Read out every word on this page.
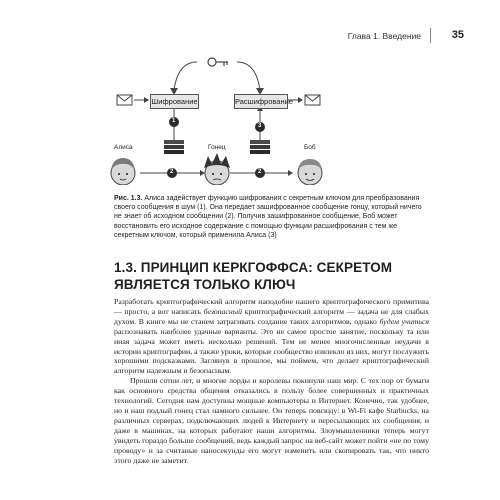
Глава 1. Введение	35
Шифрование	Расшифрование
Алиса	Гонец	Боб
1
2	2
3
Рис. 1.3. Алиса задействует функцию шифрования с секретным ключом для преобразования своего сообщения в шум (1). Она передает зашифрованное сообщение гонцу, который ничего не знает об исходном сообщении (2). Получив зашифрованное сообщение, Боб может восстановить его исходное содержание с помощью функции расшифрования с тем же секретным ключом, который применила Алиса (3)
1.3. ПРИНЦИП КЕРКГОФФСА: СЕКРЕТОМ ЯВЛЯЕТСЯ ТОЛЬКО КЛЮЧ

Разработать криптографический алгоритм наподобие нашего криптографического примитива — просто, а вот написать безопасный криптографический алгоритм — задача не для слабых духом. В книге мы не станем затрагивать создание таких алгоритмов, однако будем учиться распознавать наиболее удачные варианты. Это не самое простое занятие, поскольку та или иная задача может иметь несколько решений. Тем не менее многочисленные неудачи в истории криптографии, а также уроки, которые сообщество извлекло из них, могут послужить хорошими подсказками. Заглянув в прошлое, мы поймем, что делает криптографический алгоритм надежным и безопасным.

Прошли сотни лет, и многие лорды и королевы покинули наш мир. С тех пор от бумаги как основного средства общения отказались в пользу более совершенных и практичных технологий. Сегодня нам доступны мощные компьютеры и Интернет. Конечно, так удобнее, но и наш подлый гонец стал намного сильнее. Он теперь повсюду: в Wi-Fi кафе Starbucks, на различных серверах, подключающих людей к Интернету и пересылающих их сообщения, и даже в машинах, на которых работают наши алгоритмы. Злоумышленники теперь могут увидеть гораздо больше сообщений, ведь каждый запрос на веб-сайт может пойти «не по тому проводу» и за считаные наносекунды его могут изменить или скопировать так, что никто этого даже не заметит.
